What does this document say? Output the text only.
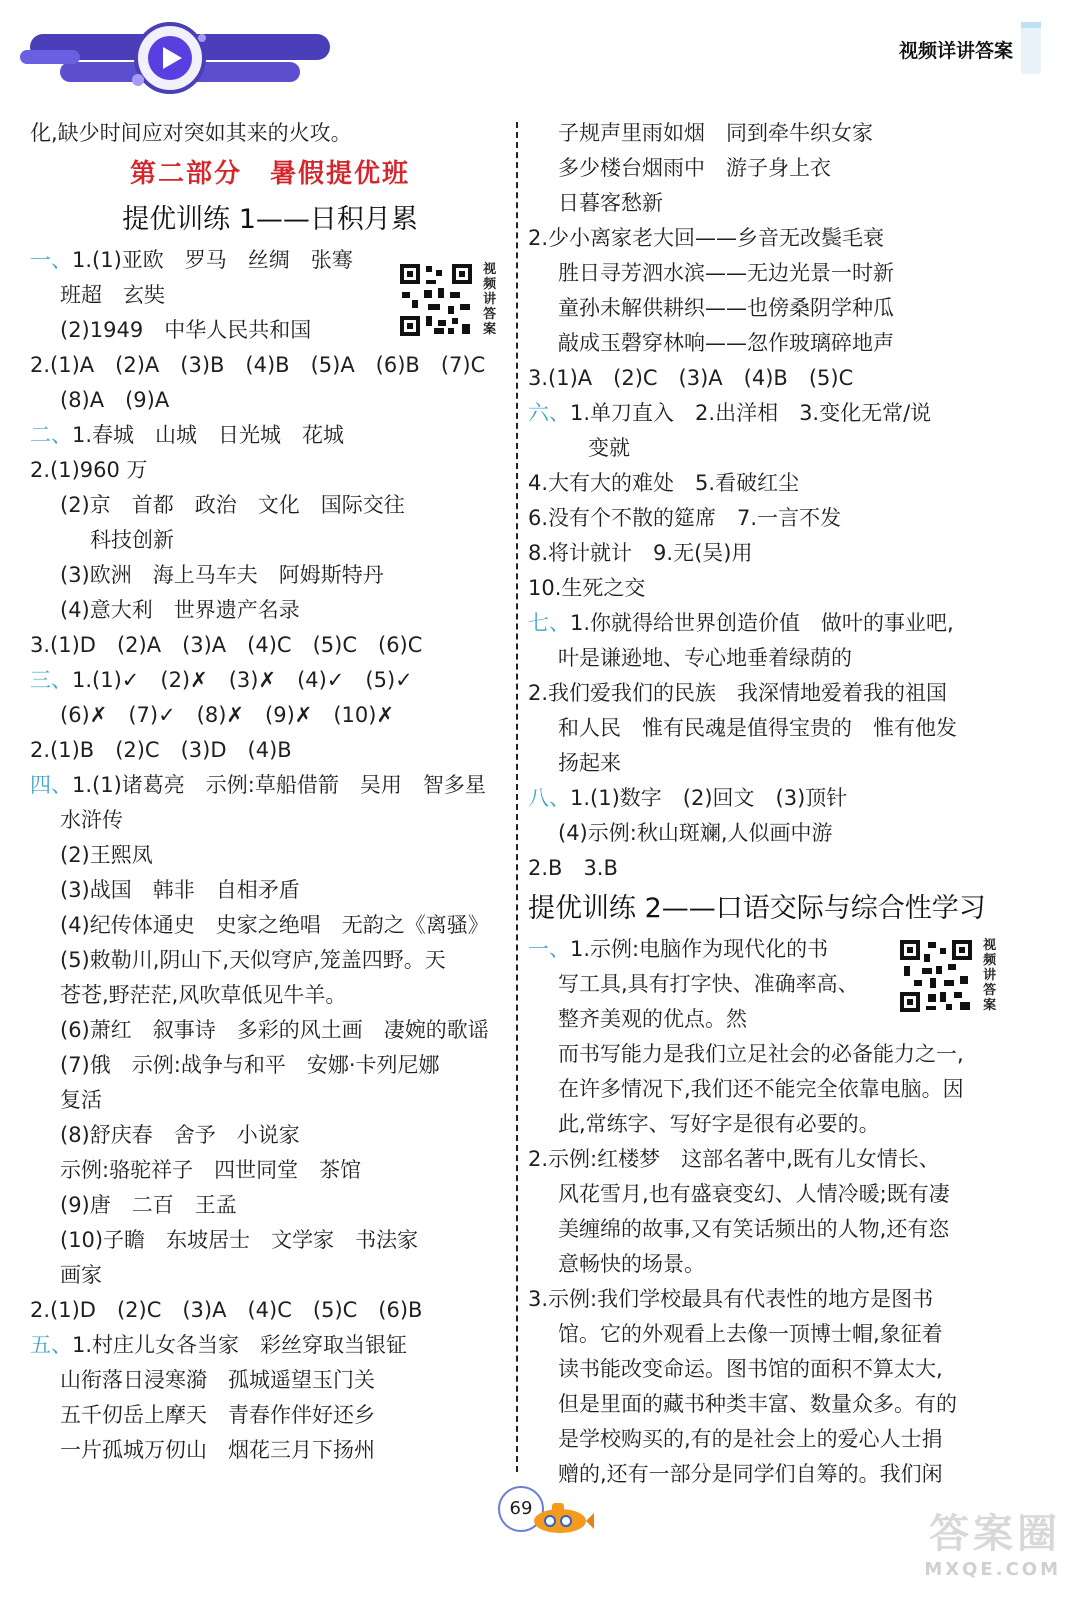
视频详讲答案
化,缺少时间应对突如其来的火攻。
第二部分　暑假提优班
提优训练 1——日积月累
一、1.(1)亚欧　罗马　丝绸　张骞
班超　玄奘
(2)1949　中华人民共和国
2.(1)A　(2)A　(3)B　(4)B　(5)A　(6)B　(7)C
(8)A　(9)A
二、1.春城　山城　日光城　花城
2.(1)960 万
(2)京　首都　政治　文化　国际交往
科技创新
(3)欧洲　海上马车夫　阿姆斯特丹
(4)意大利　世界遗产名录
3.(1)D　(2)A　(3)A　(4)C　(5)C　(6)C
三、1.(1)✓　(2)✗　(3)✗　(4)✓　(5)✓
(6)✗　(7)✓　(8)✗　(9)✗　(10)✗
2.(1)B　(2)C　(3)D　(4)B
四、1.(1)诸葛亮　示例:草船借箭　吴用　智多星
水浒传
(2)王熙凤
(3)战国　韩非　自相矛盾
(4)纪传体通史　史家之绝唱　无韵之《离骚》
(5)敕勒川,阴山下,天似穹庐,笼盖四野。天
苍苍,野茫茫,风吹草低见牛羊。
(6)萧红　叙事诗　多彩的风土画　凄婉的歌谣
(7)俄　示例:战争与和平　安娜·卡列尼娜
复活
(8)舒庆春　舍予　小说家
示例:骆驼祥子　四世同堂　茶馆
(9)唐　二百　王孟
(10)子瞻　东坡居士　文学家　书法家
画家
2.(1)D　(2)C　(3)A　(4)C　(5)C　(6)B
五、1.村庄儿女各当家　彩丝穿取当银钲
山衔落日浸寒漪　孤城遥望玉门关
五千仞岳上摩天　青春作伴好还乡
一片孤城万仞山　烟花三月下扬州
子规声里雨如烟　同到牵牛织女家
多少楼台烟雨中　游子身上衣
日暮客愁新
2.少小离家老大回——乡音无改鬓毛衰
胜日寻芳泗水滨——无边光景一时新
童孙未解供耕织——也傍桑阴学种瓜
敲成玉磬穿林响——忽作玻璃碎地声
3.(1)A　(2)C　(3)A　(4)B　(5)C
六、1.单刀直入　2.出洋相　3.变化无常/说
变就
4.大有大的难处　5.看破红尘
6.没有个不散的筵席　7.一言不发
8.将计就计　9.无(吴)用
10.生死之交
七、1.你就得给世界创造价值　做叶的事业吧,
叶是谦逊地、专心地垂着绿荫的
2.我们爱我们的民族　我深情地爱着我的祖国
和人民　惟有民魂是值得宝贵的　惟有他发
扬起来
八、1.(1)数字　(2)回文　(3)顶针
(4)示例:秋山斑斓,人似画中游
2.B　3.B
提优训练 2——口语交际与综合性学习
一、1.示例:电脑作为现代化的书
写工具,具有打字快、准确率高、
整齐美观的优点。然
而书写能力是我们立足社会的必备能力之一,
在许多情况下,我们还不能完全依靠电脑。因
此,常练字、写好字是很有必要的。
2.示例:红楼梦　这部名著中,既有儿女情长、
风花雪月,也有盛衰变幻、人情冷暖;既有凄
美缠绵的故事,又有笑话频出的人物,还有恣
意畅快的场景。
3.示例:我们学校最具有代表性的地方是图书
馆。它的外观看上去像一顶博士帽,象征着
读书能改变命运。图书馆的面积不算太大,
但是里面的藏书种类丰富、数量众多。有的
是学校购买的,有的是社会上的爱心人士捐
赠的,还有一部分是同学们自筹的。我们闲
视频讲答案
视频讲答案
69
答案圈
MXQE.COM
